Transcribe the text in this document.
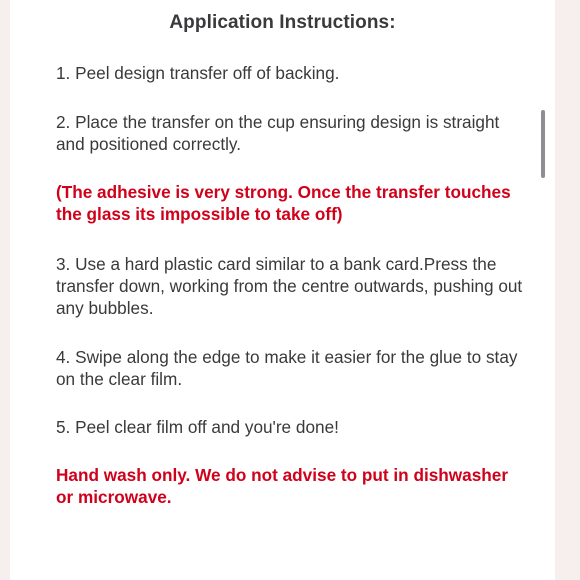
Application Instructions:
1. Peel design transfer off of backing.
2. Place the transfer on the cup ensuring design is straight and positioned correctly.
(The adhesive is very strong. Once the transfer touches the glass its impossible to take off)
3. Use a hard plastic card similar to a bank card.Press the transfer down, working from the centre outwards, pushing out any bubbles.
4. Swipe along the edge to make it easier for the glue to stay on the clear film.
5. Peel clear film off and you're done!
Hand wash only. We do not advise to put in dishwasher or microwave.
